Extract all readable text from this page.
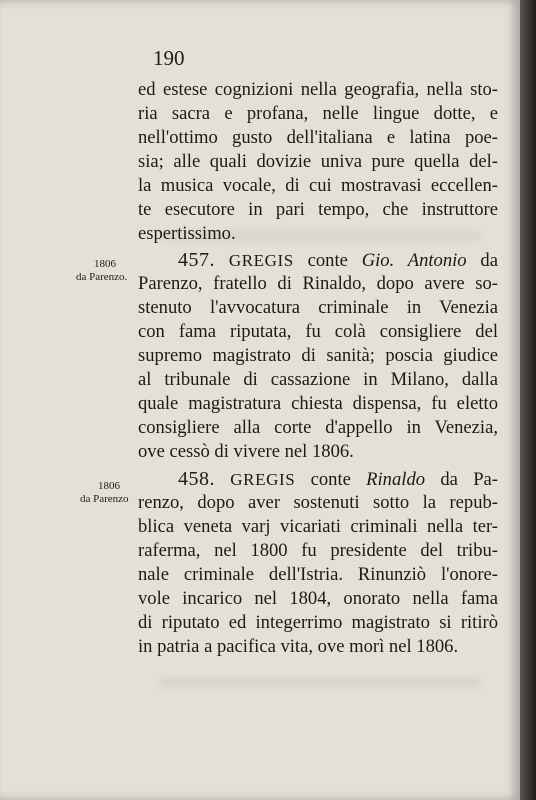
190
ed estese cognizioni nella geografia, nella sto-
ria sacra e profana, nelle lingue dotte, e
nell'ottimo gusto dell'italiana e latina poe-
sia; alle quali dovizie univa pure quella del-
la musica vocale, di cui mostravasi eccellen-
te esecutore in pari tempo, che instruttore
espertissimo.
1806
da Parenzo.
457. GREGIS conte Gio. Antonio da
Parenzo, fratello di Rinaldo, dopo avere so-
stenuto l'avvocatura criminale in Venezia
con fama riputata, fu colà consigliere del
supremo magistrato di sanità; poscia giudice
al tribunale di cassazione in Milano, dalla
quale magistratura chiesta dispensa, fu eletto
consigliere alla corte d'appello in Venezia,
ove cessò di vivere nel 1806.
1806
da Parenzo
458. GREGIS conte Rinaldo da Pa-
renzo, dopo aver sostenuti sotto la repub-
blica veneta varj vicariati criminali nella ter-
raferma, nel 1800 fu presidente del tribu-
nale criminale dell'Istria. Rinunziò l'onore-
vole incarico nel 1804, onorato nella fama
di riputato ed integerrimo magistrato si ritirò
in patria a pacifica vita, ove morì nel 1806.
